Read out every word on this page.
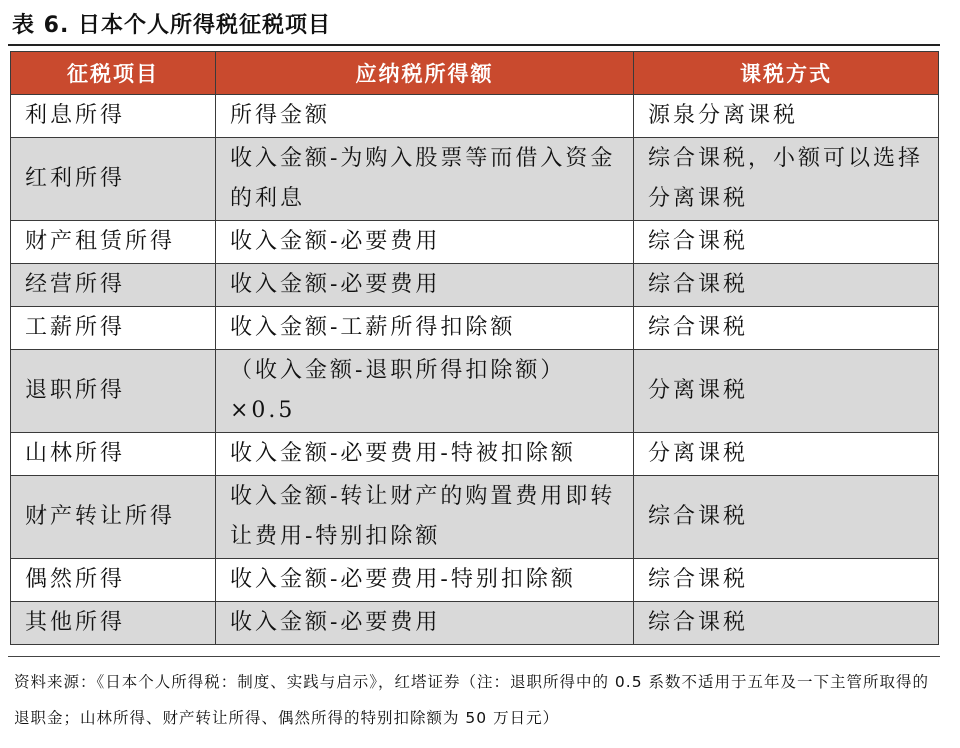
表 6. 日本个人所得税征税项目
征税项目	应纳税所得额	课税方式
利息所得	所得金额	源泉分离课税
红利所得	收入金额-为购入股票等而借入资金的利息	综合课税，小额可以选择分离课税
财产租赁所得	收入金额-必要费用	综合课税
经营所得	收入金额-必要费用	综合课税
工薪所得	收入金额-工薪所得扣除额	综合课税
退职所得	（收入金额-退职所得扣除额）×0.5	分离课税
山林所得	收入金额-必要费用-特被扣除额	分离课税
财产转让所得	收入金额-转让财产的购置费用即转让费用-特别扣除额	综合课税
偶然所得	收入金额-必要费用-特别扣除额	综合课税
其他所得	收入金额-必要费用	综合课税
资料来源：《日本个人所得税：制度、实践与启示》，红塔证券（注：退职所得中的 0.5 系数不适用于五年及一下主管所取得的退职金；山林所得、财产转让所得、偶然所得的特别扣除额为 50 万日元）
